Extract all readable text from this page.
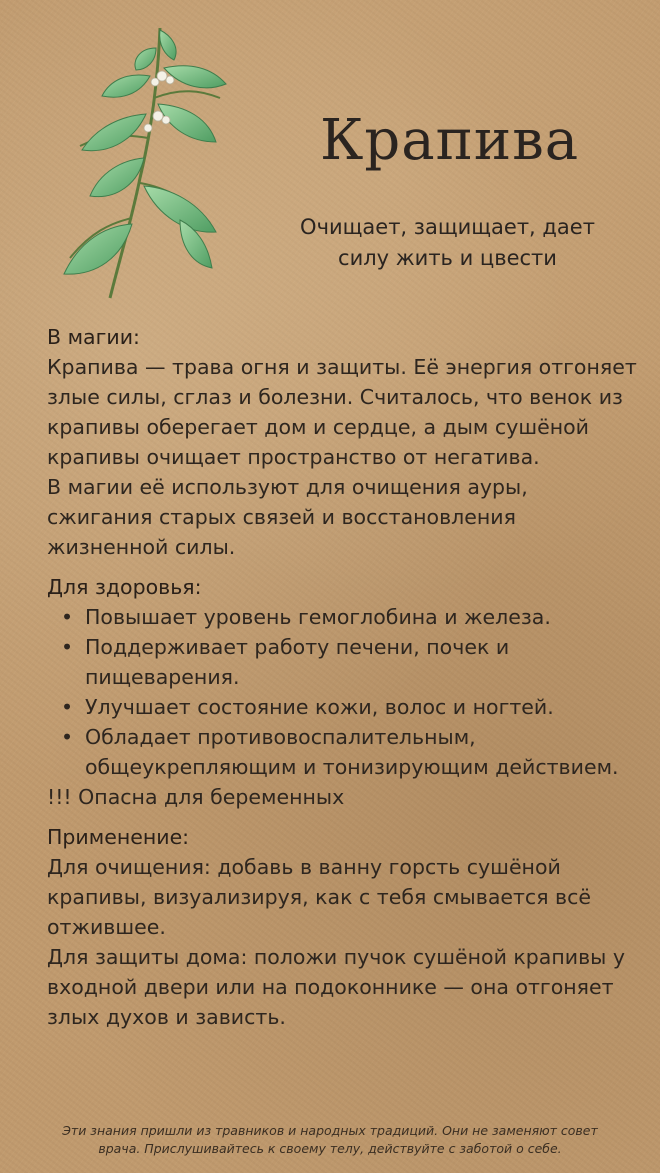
Крапива
Очищает, защищает, дает силу жить и цвести
В магии:

Крапива — трава огня и защиты. Её энергия отгоняет злые силы, сглаз и болезни. Считалось, что венок из крапивы оберегает дом и сердце, а дым сушёной крапивы очищает пространство от негатива.

В магии её используют для очищения ауры, сжигания старых связей и восстановления жизненной силы.

Для здоровья:
• Повышает уровень гемоглобина и железа.
• Поддерживает работу печени, почек и пищеварения.
• Улучшает состояние кожи, волос и ногтей.
• Обладает противовоспалительным, общеукрепляющим и тонизирующим действием.

!!! Опасна для беременных

Применение:

Для очищения: добавь в ванну горсть сушёной крапивы, визуализируя, как с тебя смывается всё отжившее.

Для защиты дома: положи пучок сушёной крапивы у входной двери или на подоконнике — она отгоняет злых духов и зависть.

Эти знания пришли из травников и народных традиций. Они не заменяют совет врача. Прислушивайтесь к своему телу, действуйте с заботой о себе.
